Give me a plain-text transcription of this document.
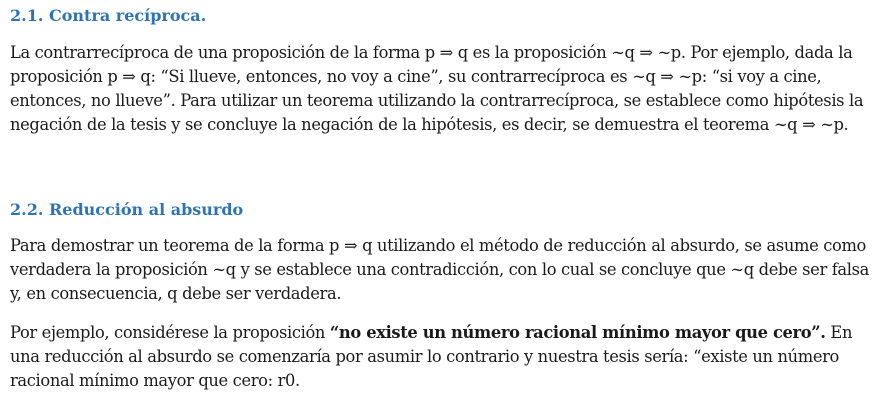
2.1. Contra recíproca.

La contrarrecíproca de una proposición de la forma p ⇒ q es la proposición ∼q ⇒ ∼p. Por ejemplo, dada la proposición p ⇒ q: “Si llueve, entonces, no voy a cine”, su contrarrecíproca es ∼q ⇒ ∼p: “si voy a cine, entonces, no llueve”. Para utilizar un teorema utilizando la contrarrecíproca, se establece como hipótesis la negación de la tesis y se concluye la negación de la hipótesis, es decir, se demuestra el teorema ∼q ⇒ ∼p.

2.2. Reducción al absurdo

Para demostrar un teorema de la forma p ⇒ q utilizando el método de reducción al absurdo, se asume como verdadera la proposición ∼q y se establece una contradicción, con lo cual se concluye que ∼q debe ser falsa y, en consecuencia, q debe ser verdadera.

Por ejemplo, considérese la proposición “no existe un número racional mínimo mayor que cero”. En una reducción al absurdo se comenzaría por asumir lo contrario y nuestra tesis sería: “existe un número racional mínimo mayor que cero: r0.
